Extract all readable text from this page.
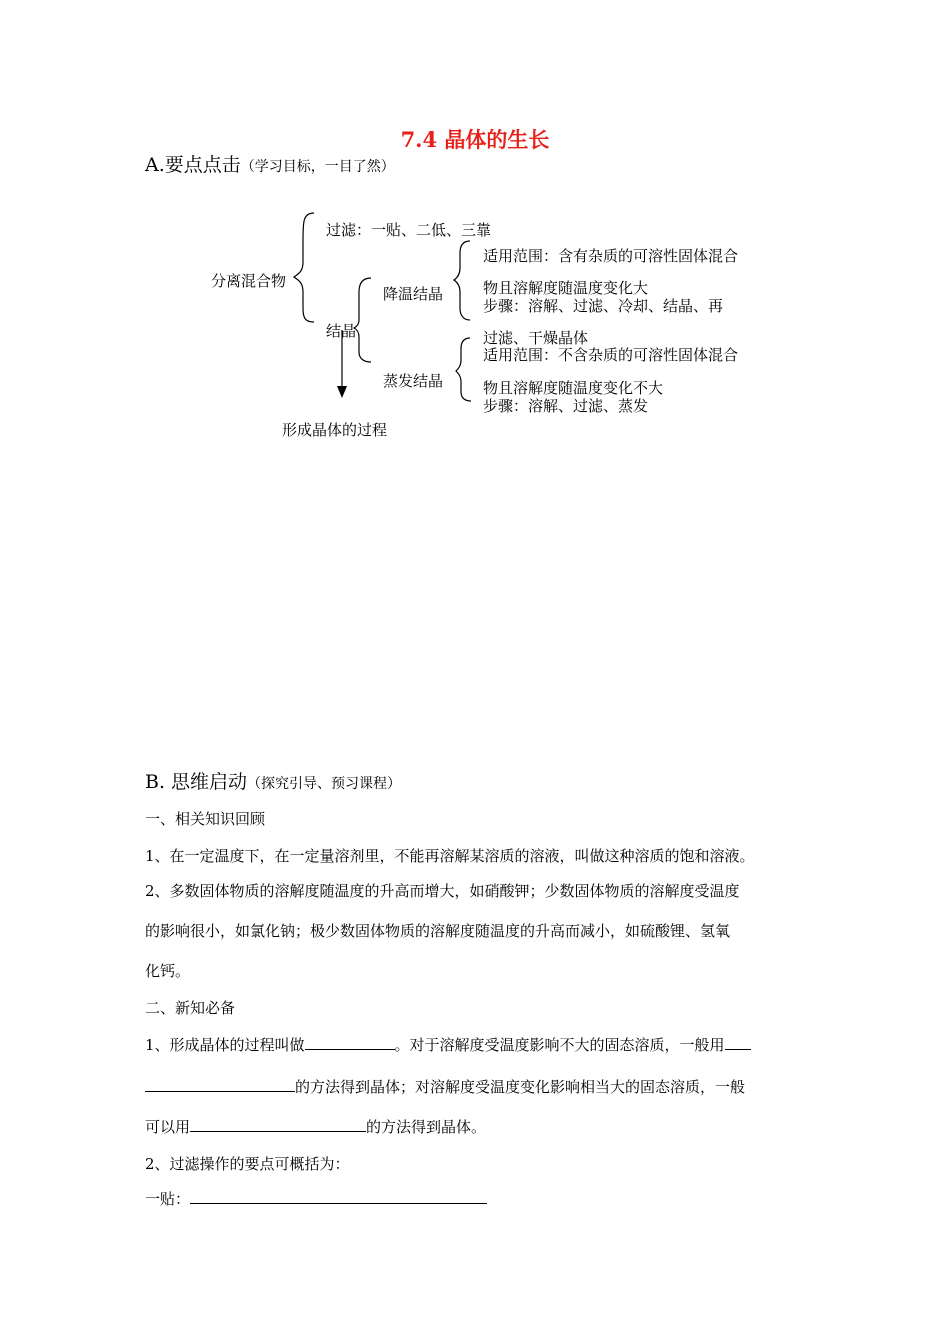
7.4 晶体的生长
A.要点点击（学习目标，一目了然）
分离混合物
过滤：一贴、二低、三靠
结晶
降温结晶
适用范围：含有杂质的可溶性固体混合
物且溶解度随温度变化大
步骤：溶解、过滤、冷却、结晶、再
过滤、干燥晶体
蒸发结晶
适用范围：不含杂质的可溶性固体混合
物且溶解度随温度变化不大
步骤：溶解、过滤、蒸发
形成晶体的过程
B. 思维启动（探究引导、预习课程）
一、相关知识回顾
1、在一定温度下，在一定量溶剂里，不能再溶解某溶质的溶液，叫做这种溶质的饱和溶液。
2、多数固体物质的溶解度随温度的升高而增大，如硝酸钾；少数固体物质的溶解度受温度
的影响很小，如氯化钠；极少数固体物质的溶解度随温度的升高而减小，如硫酸锂、氢氧
化钙。
二、新知必备
1、形成晶体的过程叫做	。对于溶解度受温度影响不大的固态溶质，一般用
的方法得到晶体；对溶解度受温度变化影响相当大的固态溶质，一般
可以用	的方法得到晶体。
2、过滤操作的要点可概括为：
一贴：
